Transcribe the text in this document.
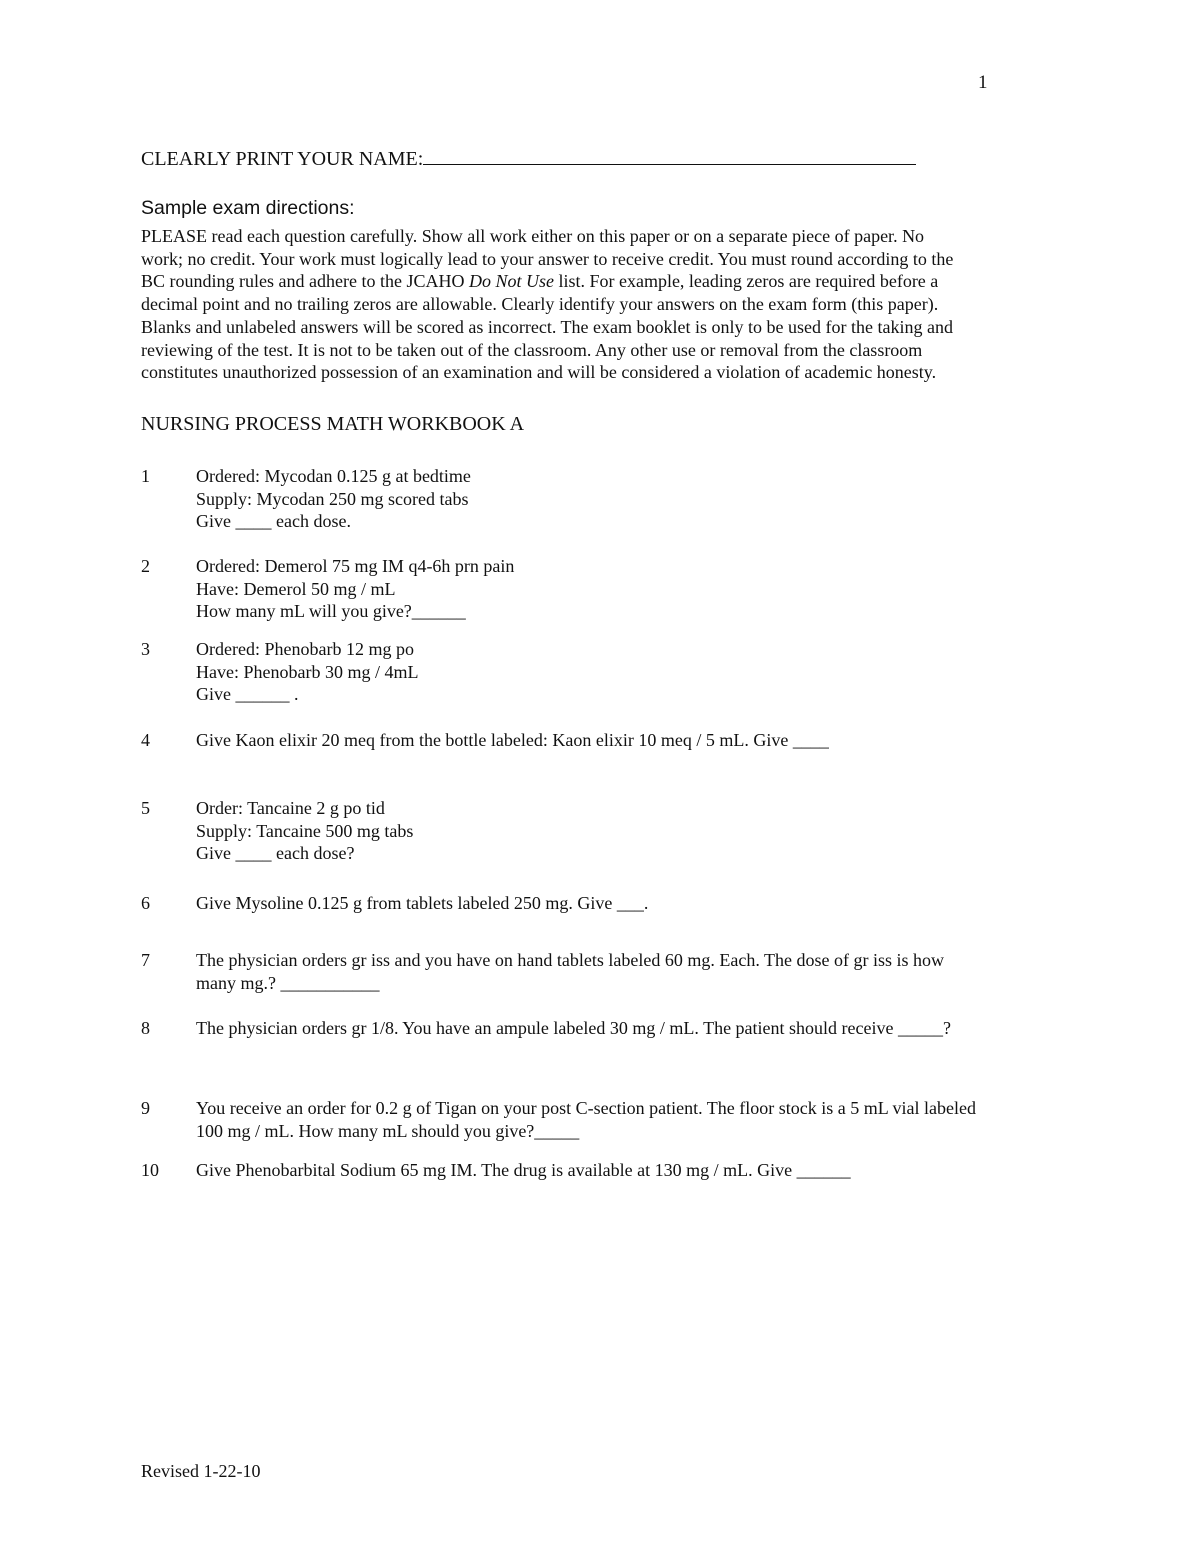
1
CLEARLY PRINT YOUR NAME:
Sample exam directions:
PLEASE read each question carefully. Show all work either on this paper or on a separate piece of paper. No
work; no credit. Your work must logically lead to your answer to receive credit. You must round according to the
BC rounding rules and adhere to the JCAHO Do Not Use list. For example, leading zeros are required before a
decimal point and no trailing zeros are allowable. Clearly identify your answers on the exam form (this paper).
Blanks and unlabeled answers will be scored as incorrect. The exam booklet is only to be used for the taking and
reviewing of the test. It is not to be taken out of the classroom. Any other use or removal from the classroom
constitutes unauthorized possession of an examination and will be considered a violation of academic honesty.
NURSING PROCESS MATH WORKBOOK A
1	Ordered: Mycodan 0.125 g at bedtime
Supply: Mycodan 250 mg scored tabs
Give ____ each dose.
2	Ordered: Demerol 75 mg IM q4-6h prn pain
Have: Demerol 50 mg / mL
How many mL will you give?______
3	Ordered: Phenobarb 12 mg po
Have: Phenobarb 30 mg / 4mL
Give ______ .
4	Give Kaon elixir 20 meq from the bottle labeled: Kaon elixir 10 meq / 5 mL. Give ____
5	Order: Tancaine 2 g po tid
Supply: Tancaine 500 mg tabs
Give ____ each dose?
6	Give Mysoline 0.125 g from tablets labeled 250 mg. Give ___.
7	The physician orders gr iss and you have on hand tablets labeled 60 mg. Each. The dose of gr iss is how
many mg.? ___________
8	The physician orders gr 1/8. You have an ampule labeled 30 mg / mL. The patient should receive _____?
9	You receive an order for 0.2 g of Tigan on your post C-section patient. The floor stock is a 5 mL vial labeled
100 mg / mL. How many mL should you give?_____
10 Give Phenobarbital Sodium 65 mg IM. The drug is available at 130 mg / mL. Give ______
Revised 1-22-10
